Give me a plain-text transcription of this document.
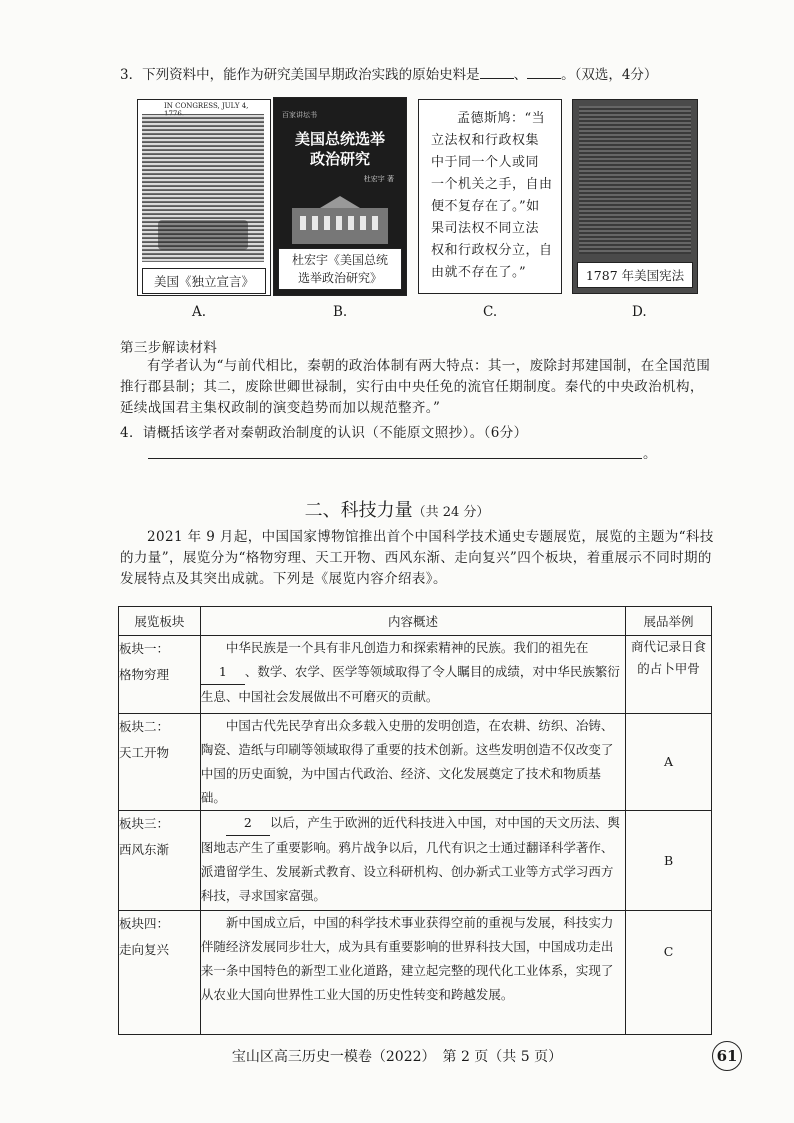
3．下列资料中，能作为研究美国早期政治实践的原始史料是	、	。（双选，4分）
IN CONGRESS, JULY 4,
美国《独立宣言》
A.
百家讲坛书
美国总统选举
政治研究
杜宏宇 著
杜宏宇《美国总统
选举政治研究》
B.
孟德斯鸠：“当
立法权和行政权集
中于同一个人或同
一个机关之手，自由
便不复存在了。”如
果司法权不同立法
权和行政权分立，自
由就不存在了。”
C.
1787 年美国宪法
D.
第三步解读材料
有学者认为“与前代相比，秦朝的政治体制有两大特点：其一，废除封邦建国制，在全国范围推行郡县制；其二，废除世卿世禄制，实行由中央任免的流官任期制度。秦代的中央政治机构，延续战国君主集权政制的演变趋势而加以规范整齐。”
4．请概括该学者对秦朝政治制度的认识（不能原文照抄）。（6分）
。
二、科技力量（共 24 分）
2021 年 9 月起，中国国家博物馆推出首个中国科学技术通史专题展览，展览的主题为“科技的力量”，展览分为“格物穷理、天工开物、西风东渐、走向复兴”四个板块，着重展示不同时期的发展特点及其突出成就。下列是《展览内容介绍表》。
展览板块	内容概述	展品举例

板块一：
格物穷理	中华民族是一个具有非凡创造力和探索精神的民族。我们的祖先在1 、数学、农学、医学等领域取得了令人瞩目的成绩，对中华民族繁衍生息、中国社会发展做出不可磨灭的贡献。	商代记录日食的占卜甲骨

板块二：
天工开物	中国古代先民孕育出众多载入史册的发明创造，在农耕、纺织、冶铸、陶瓷、造纸与印刷等领域取得了重要的技术创新。这些发明创造不仅改变了中国的历史面貌，为中国古代政治、经济、文化发展奠定了技术和物质基础。	A

板块三：
西风东渐	2 以后，产生于欧洲的近代科技进入中国，对中国的天文历法、舆图地志产生了重要影响。鸦片战争以后，几代有识之士通过翻译科学著作、派遣留学生、发展新式教育、设立科研机构、创办新式工业等方式学习西方科技，寻求国家富强。	B

板块四：
走向复兴	新中国成立后，中国的科学技术事业获得空前的重视与发展，科技实力伴随经济发展同步壮大，成为具有重要影响的世界科技大国，中国成功走出来一条中国特色的新型工业化道路，建立起完整的现代化工业体系，实现了从农业大国向世界性工业大国的历史性转变和跨越发展。	C
宝山区高三历史一模卷（2022）　第 2 页（共 5 页）	61
